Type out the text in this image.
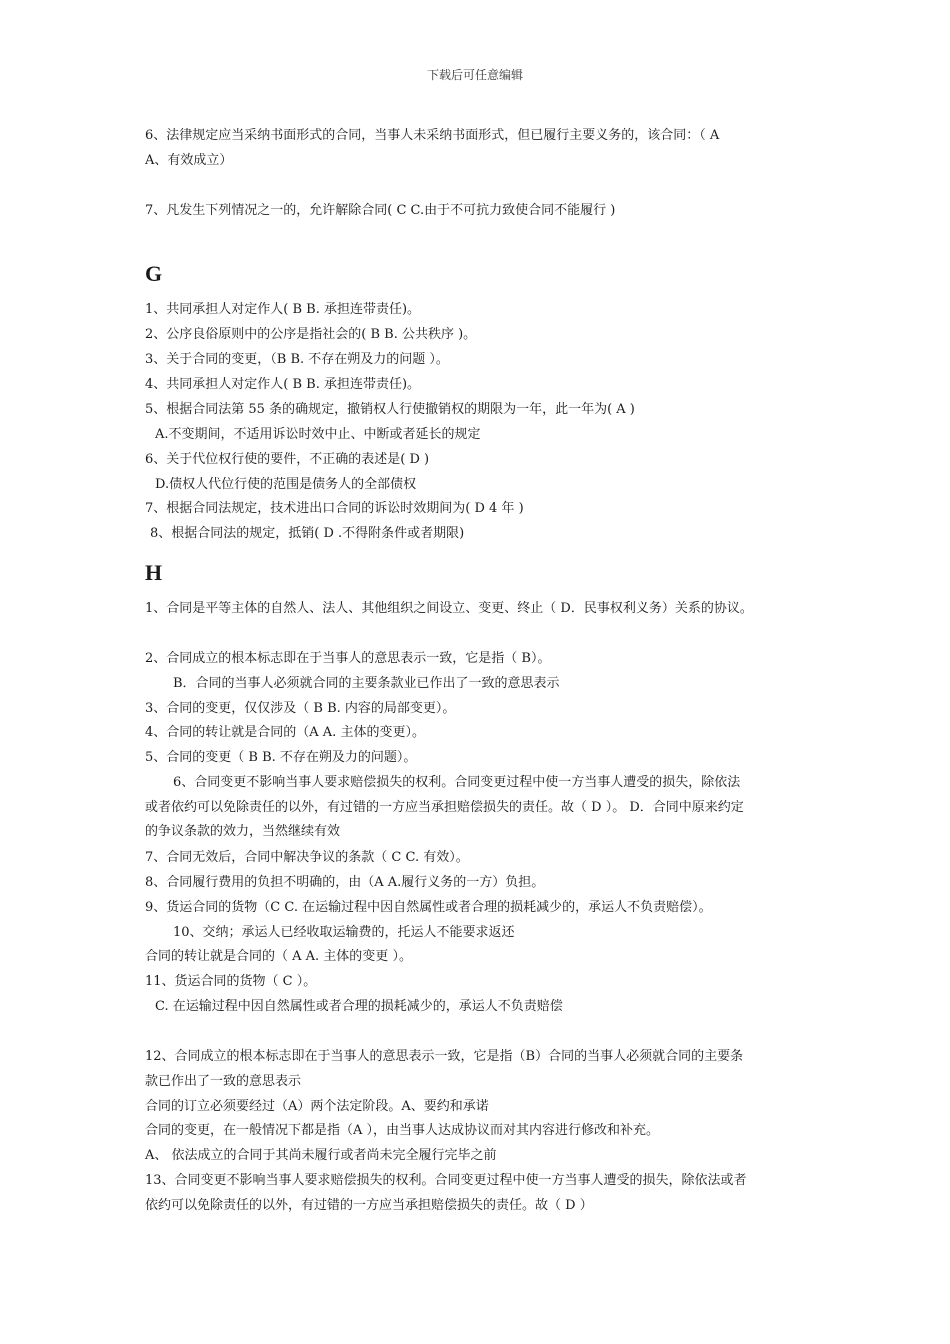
下载后可任意编辑
6、法律规定应当采纳书面形式的合同，当事人未采纳书面形式，但已履行主要义务的，该合同：（ A
A、有效成立）
7、凡发生下列情况之一的，允许解除合同( C C.由于不可抗力致使合同不能履行 )
G
1、共同承担人对定作人( B B. 承担连带责任)。
2、公序良俗原则中的公序是指社会的( B B. 公共秩序 )。
3、关于合同的变更，（B B. 不存在朔及力的问题 ）。
4、共同承担人对定作人( B B. 承担连带责任)。
5、根据合同法第 55 条的确规定，撤销权人行使撤销权的期限为一年，此一年为( A )
A.不变期间，不适用诉讼时效中止、中断或者延长的规定
6、关于代位权行使的要件，不正确的表述是( D )
D.债权人代位行使的范围是债务人的全部债权
7、根据合同法规定，技术进出口合同的诉讼时效期间为( D 4 年 )
8、根据合同法的规定，抵销( D .不得附条件或者期限)
H
1、合同是平等主体的自然人、法人、其他组织之间设立、变更、终止（ D．民事权利义务）关系的协议。
2、合同成立的根本标志即在于当事人的意思表示一致，它是指（ B）。
B．合同的当事人必须就合同的主要条款业已作出了一致的意思表示
3、合同的变更，仅仅涉及（ B B. 内容的局部变更）。
4、合同的转让就是合同的（A A. 主体的变更）。
5、合同的变更（ B B. 不存在朔及力的问题）。
6、合同变更不影响当事人要求赔偿损失的权利。合同变更过程中使一方当事人遭受的损失，除依法
或者依约可以免除责任的以外，有过错的一方应当承担赔偿损失的责任。故（ D ）。 D．合同中原来约定
的争议条款的效力，当然继续有效
7、合同无效后，合同中解决争议的条款（ C C. 有效）。
8、合同履行费用的负担不明确的，由（A A.履行义务的一方）负担。
9、货运合同的货物（C C. 在运输过程中因自然属性或者合理的损耗减少的，承运人不负责赔偿）。
10、交纳；承运人已经收取运输费的，托运人不能要求返还
合同的转让就是合同的（ A A. 主体的变更 ）。
11、货运合同的货物（ C ）。
C. 在运输过程中因自然属性或者合理的损耗减少的，承运人不负责赔偿
12、合同成立的根本标志即在于当事人的意思表示一致，它是指（B）合同的当事人必须就合同的主要条
款已作出了一致的意思表示
合同的订立必须要经过（A）两个法定阶段。A、要约和承诺
合同的变更，在一般情况下都是指（A ），由当事人达成协议而对其内容进行修改和补充。
A、 依法成立的合同于其尚未履行或者尚未完全履行完毕之前
13、合同变更不影响当事人要求赔偿损失的权利。合同变更过程中使一方当事人遭受的损失，除依法或者
依约可以免除责任的以外，有过错的一方应当承担赔偿损失的责任。故（ D ）
